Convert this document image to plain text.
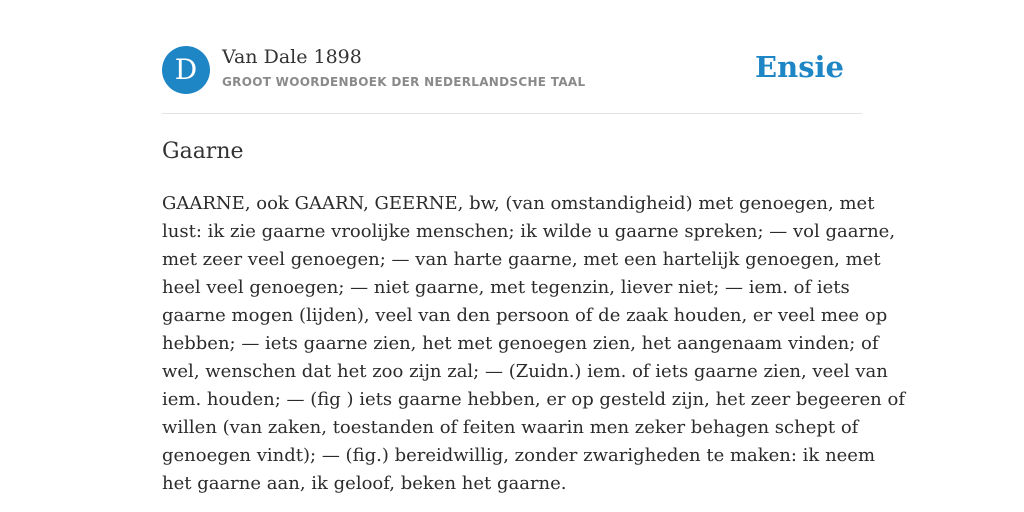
D	Van Dale 1898
GROOT WOORDENBOEK DER NEDERLANDSCHE TAAL	Ensie
Gaarne
GAARNE, ook GAARN, GEERNE, bw, (van omstandigheid) met genoegen, met
lust: ik zie gaarne vroolijke menschen; ik wilde u gaarne spreken; — vol gaarne,
met zeer veel genoegen; — van harte gaarne, met een hartelijk genoegen, met
heel veel genoegen; — niet gaarne, met tegenzin, liever niet; — iem. of iets
gaarne mogen (lijden), veel van den persoon of de zaak houden, er veel mee op
hebben; — iets gaarne zien, het met genoegen zien, het aangenaam vinden; of
wel, wenschen dat het zoo zijn zal; — (Zuidn.) iem. of iets gaarne zien, veel van
iem. houden; — (fig ) iets gaarne hebben, er op gesteld zijn, het zeer begeeren of
willen (van zaken, toestanden of feiten waarin men zeker behagen schept of
genoegen vindt); — (fig.) bereidwillig, zonder zwarigheden te maken: ik neem
het gaarne aan, ik geloof, beken het gaarne.
